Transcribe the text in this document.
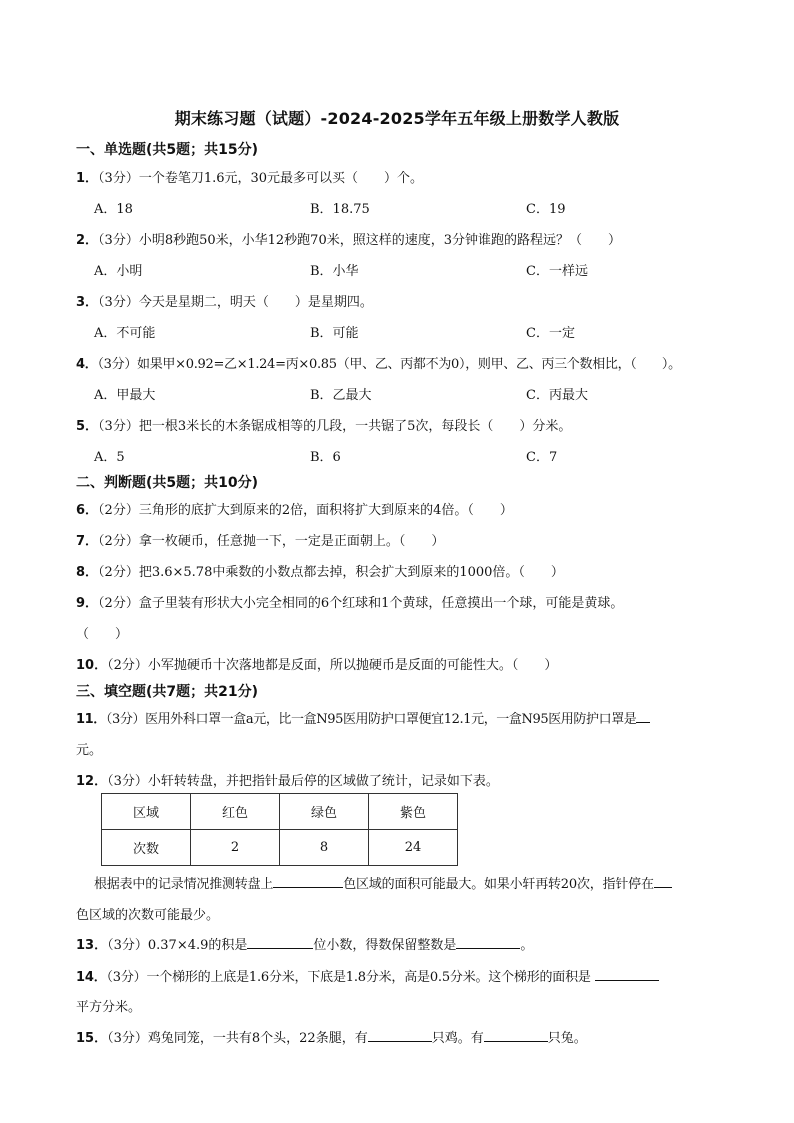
期末练习题（试题）-2024-2025学年五年级上册数学人教版
一、单选题(共5题；共15分)
1．（3分）一个卷笔刀1.6元，30元最多可以买（　　）个。
A．18	B．18.75	C．19
2．（3分）小明8秒跑50米，小华12秒跑70米，照这样的速度，3分钟谁跑的路程远？（　　）
A．小明	B．小华	C．一样远
3．（3分）今天是星期二，明天（　　）是星期四。
A．不可能	B．可能	C．一定
4．（3分）如果甲×0.92=乙×1.24=丙×0.85（甲、乙、丙都不为0），则甲、乙、丙三个数相比，（　　）。
A．甲最大	B．乙最大	C．丙最大
5．（3分）把一根3米长的木条锯成相等的几段，一共锯了5次，每段长（　　）分米。
A．5	B．6	C．7
二、判断题(共5题；共10分)
6．（2分）三角形的底扩大到原来的2倍，面积将扩大到原来的4倍。（　　）
7．（2分）拿一枚硬币，任意抛一下，一定是正面朝上。（　　）
8．（2分）把3.6×5.78中乘数的小数点都去掉，积会扩大到原来的1000倍。（　　）
9．（2分）盒子里装有形状大小完全相同的6个红球和1个黄球，任意摸出一个球，可能是黄球。
（　　）
10．（2分）小军抛硬币十次落地都是反面，所以抛硬币是反面的可能性大。（　　）
三、填空题(共7题；共21分)
11．（3分）医用外科口罩一盒a元，比一盒N95医用防护口罩便宜12.1元，一盒N95医用防护口罩是
元。
12．（3分）小轩转转盘，并把指针最后停的区域做了统计，记录如下表。
区域	红色	绿色	紫色
次数	2	8	24
根据表中的记录情况推测转盘上	色区域的面积可能最大。如果小轩再转20次，指针停在
色区域的次数可能最少。
13．（3分）0.37×4.9的积是	位小数，得数保留整数是	。
14．（3分）一个梯形的上底是1.6分米，下底是1.8分米，高是0.5分米。这个梯形的面积是
平方分米。
15．（3分）鸡兔同笼，一共有8个头，22条腿，有	只鸡。有	只兔。
